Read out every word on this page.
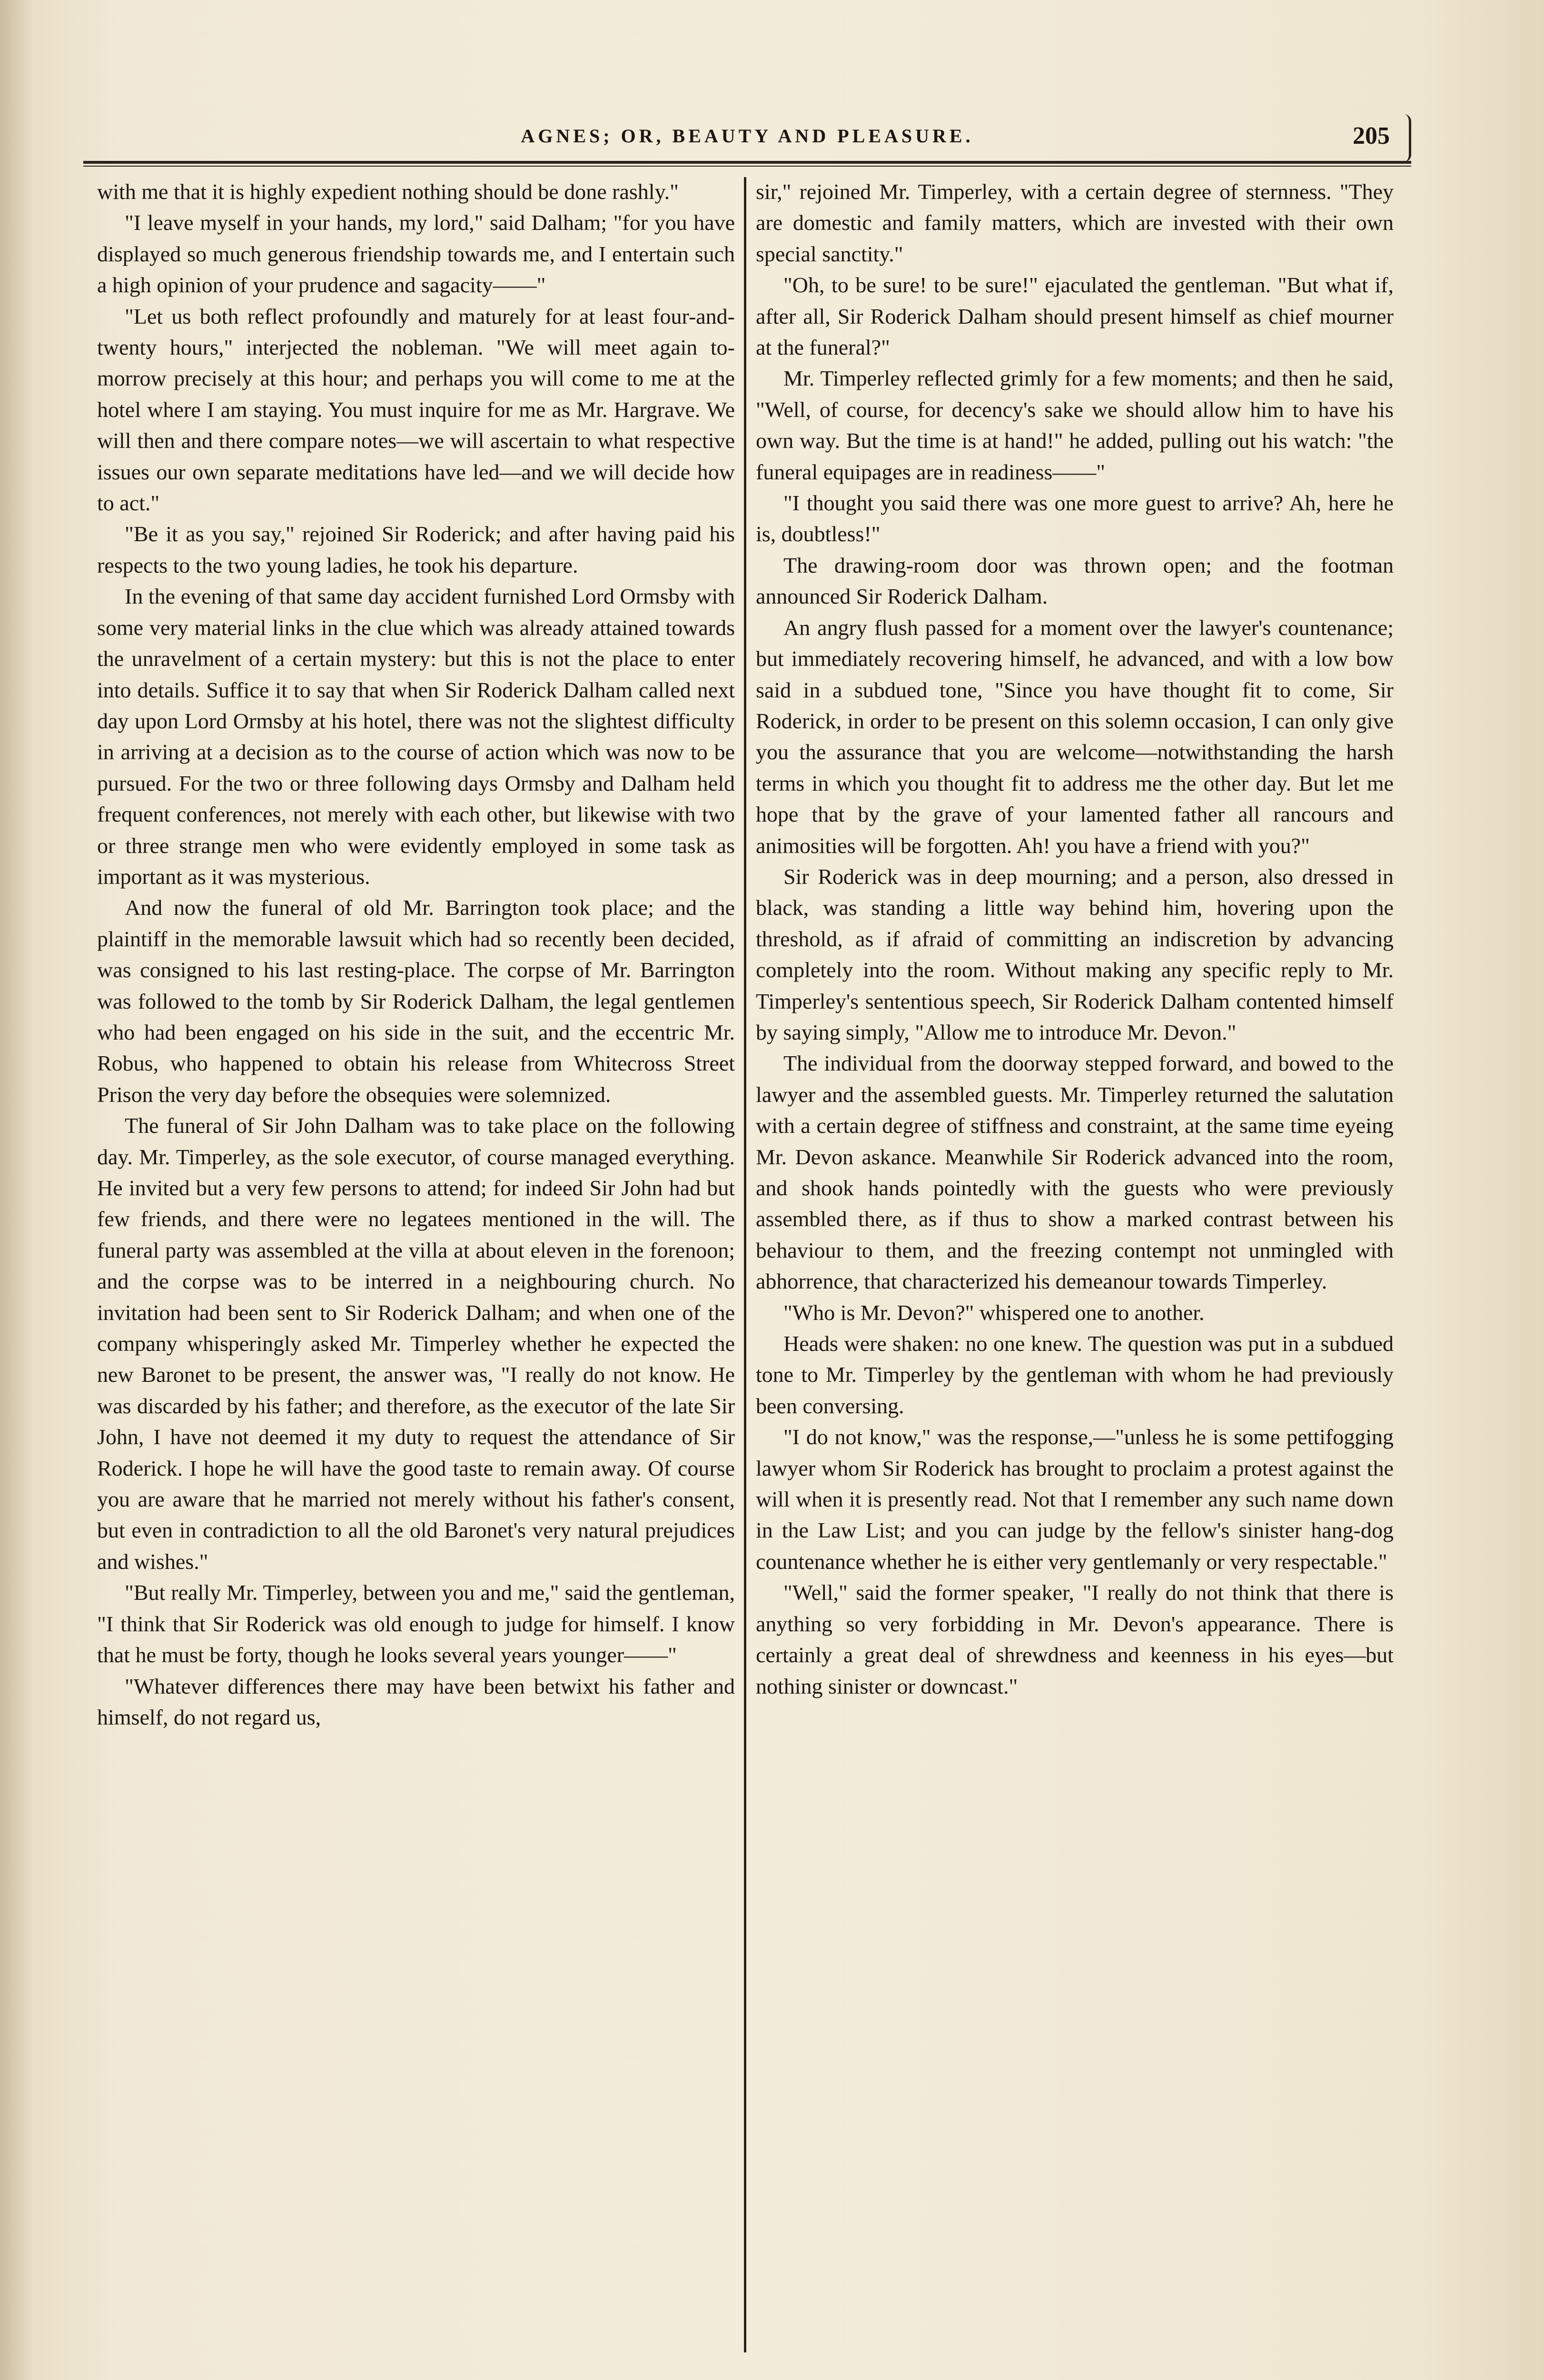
AGNES; OR, BEAUTY AND PLEASURE.	205

with me that it is highly expedient nothing should be done rashly."

"I leave myself in your hands, my lord," said Dalham; "for you have displayed so much generous friendship towards me, and I entertain such a high opinion of your prudence and sagacity——"

"Let us both reflect profoundly and maturely for at least four-and-twenty hours," interjected the nobleman. "We will meet again to-morrow precisely at this hour; and perhaps you will come to me at the hotel where I am staying. You must inquire for me as Mr. Hargrave. We will then and there compare notes—we will ascertain to what respective issues our own separate meditations have led—and we will decide how to act."

"Be it as you say," rejoined Sir Roderick; and after having paid his respects to the two young ladies, he took his departure.

In the evening of that same day accident furnished Lord Ormsby with some very material links in the clue which was already attained towards the unravelment of a certain mystery: but this is not the place to enter into details. Suffice it to say that when Sir Roderick Dalham called next day upon Lord Ormsby at his hotel, there was not the slightest difficulty in arriving at a decision as to the course of action which was now to be pursued. For the two or three following days Ormsby and Dalham held frequent conferences, not merely with each other, but likewise with two or three strange men who were evidently employed in some task as important as it was mysterious.

And now the funeral of old Mr. Barrington took place; and the plaintiff in the memorable lawsuit which had so recently been decided, was consigned to his last resting-place. The corpse of Mr. Barrington was followed to the tomb by Sir Roderick Dalham, the legal gentlemen who had been engaged on his side in the suit, and the eccentric Mr. Robus, who happened to obtain his release from Whitecross Street Prison the very day before the obsequies were solemnized.

The funeral of Sir John Dalham was to take place on the following day. Mr. Timperley, as the sole executor, of course managed everything. He invited but a very few persons to attend; for indeed Sir John had but few friends, and there were no legatees mentioned in the will. The funeral party was assembled at the villa at about eleven in the forenoon; and the corpse was to be interred in a neighbouring church. No invitation had been sent to Sir Roderick Dalham; and when one of the company whisperingly asked Mr. Timperley whether he expected the new Baronet to be present, the answer was, "I really do not know. He was discarded by his father; and therefore, as the executor of the late Sir John, I have not deemed it my duty to request the attendance of Sir Roderick. I hope he will have the good taste to remain away. Of course you are aware that he married not merely without his father's consent, but even in contradiction to all the old Baronet's very natural prejudices and wishes."

"But really Mr. Timperley, between you and me," said the gentleman, "I think that Sir Roderick was old enough to judge for himself. I know that he must be forty, though he looks several years younger——"

"Whatever differences there may have been betwixt his father and himself, do not regard us,

sir," rejoined Mr. Timperley, with a certain degree of sternness. "They are domestic and family matters, which are invested with their own special sanctity."

"Oh, to be sure! to be sure!" ejaculated the gentleman. "But what if, after all, Sir Roderick Dalham should present himself as chief mourner at the funeral?"

Mr. Timperley reflected grimly for a few moments; and then he said, "Well, of course, for decency's sake we should allow him to have his own way. But the time is at hand!" he added, pulling out his watch: "the funeral equipages are in readiness——"

"I thought you said there was one more guest to arrive? Ah, here he is, doubtless!"

The drawing-room door was thrown open; and the footman announced Sir Roderick Dalham.

An angry flush passed for a moment over the lawyer's countenance; but immediately recovering himself, he advanced, and with a low bow said in a subdued tone, "Since you have thought fit to come, Sir Roderick, in order to be present on this solemn occasion, I can only give you the assurance that you are welcome—notwithstanding the harsh terms in which you thought fit to address me the other day. But let me hope that by the grave of your lamented father all rancours and animosities will be forgotten. Ah! you have a friend with you?"

Sir Roderick was in deep mourning; and a person, also dressed in black, was standing a little way behind him, hovering upon the threshold, as if afraid of committing an indiscretion by advancing completely into the room. Without making any specific reply to Mr. Timperley's sententious speech, Sir Roderick Dalham contented himself by saying simply, "Allow me to introduce Mr. Devon."

The individual from the doorway stepped forward, and bowed to the lawyer and the assembled guests. Mr. Timperley returned the salutation with a certain degree of stiffness and constraint, at the same time eyeing Mr. Devon askance. Meanwhile Sir Roderick advanced into the room, and shook hands pointedly with the guests who were previously assembled there, as if thus to show a marked contrast between his behaviour to them, and the freezing contempt not unmingled with abhorrence, that characterized his demeanour towards Timperley.

"Who is Mr. Devon?" whispered one to another.

Heads were shaken: no one knew. The question was put in a subdued tone to Mr. Timperley by the gentleman with whom he had previously been conversing.

"I do not know," was the response,—"unless he is some pettifogging lawyer whom Sir Roderick has brought to proclaim a protest against the will when it is presently read. Not that I remember any such name down in the Law List; and you can judge by the fellow's sinister hang-dog countenance whether he is either very gentlemanly or very respectable."

"Well," said the former speaker, "I really do not think that there is anything so very forbidding in Mr. Devon's appearance. There is certainly a great deal of shrewdness and keenness in his eyes—but nothing sinister or downcast."
